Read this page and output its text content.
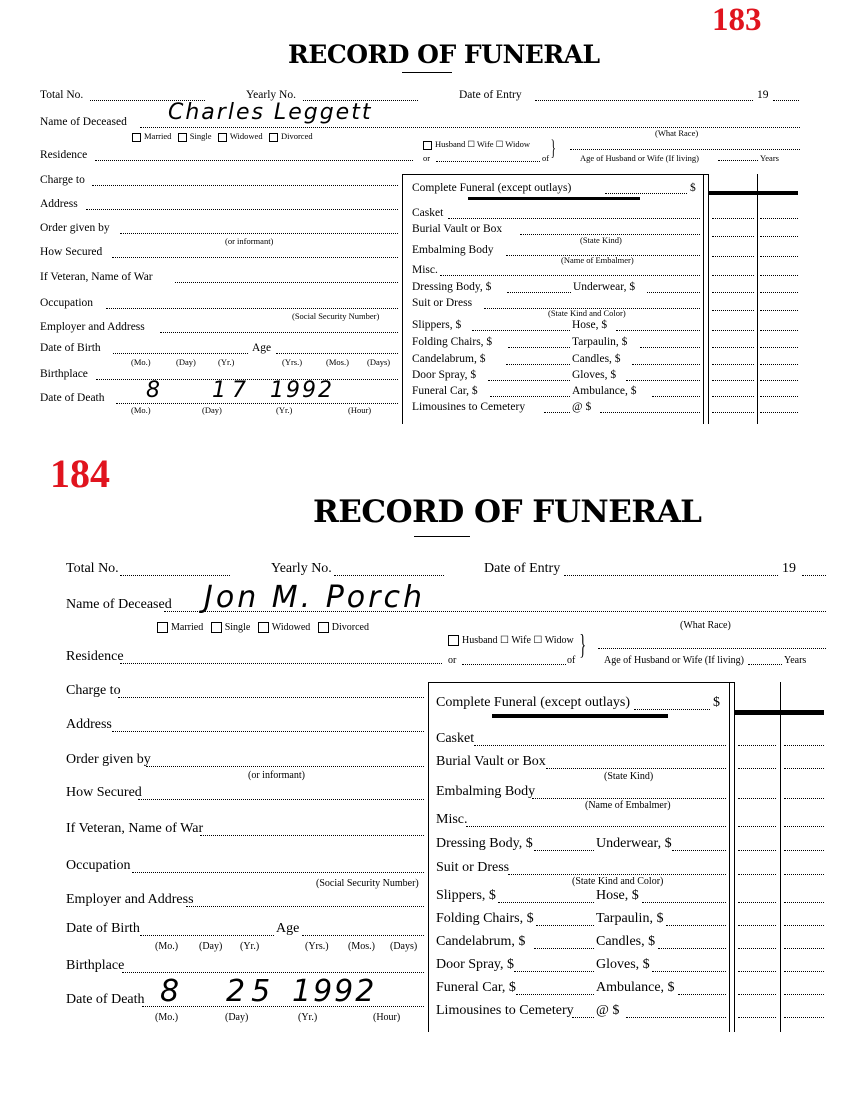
183
RECORD OF FUNERAL
Total No.	Yearly No.	Date of Entry	19
Name of Deceased Charles Leggett
Married Single Widowed Divorced	(What Race)
Husband ☐ Wife ☐ Widow }
Residence	or	of	Age of Husband or Wife (If living)	Years
Charge to
Address
Order given by
(or informant)
How Secured
If Veteran, Name of War
Occupation
(Social Security Number)
Employer and Address
Date of Birth	Age
(Mo.)	(Day)	(Yr.)	(Yrs.)	(Mos.) (Days)
Birthplace
Date of Death 8 17 1992
(Mo.)	(Day)	(Yr.)	(Hour)
Complete Funeral (except outlays)	$
Casket
Burial Vault or Box
(State Kind)
Embalming Body
(Name of Embalmer)
Misc.
Dressing Body, $	Underwear, $
Suit or Dress
(State Kind and Color)
Slippers, $	Hose, $
Folding Chairs, $	Tarpaulin, $
Candelabrum, $	Candles, $
Door Spray, $	Gloves, $
Funeral Car, $	Ambulance, $
Limousines to Cemetery	@ $
184
RECORD OF FUNERAL
Total No.	Yearly No.	Date of Entry	19
Name of Deceased Jon M. Porch
Married Single Widowed Divorced	(What Race)
Husband ☐ Wife ☐ Widow }
Residence	or	of	Age of Husband or Wife (If living)	Years
Charge to
Address
Order given by
(or informant)
How Secured
If Veteran, Name of War
Occupation
(Social Security Number)
Employer and Address
Date of Birth	Age
(Mo.) (Day) (Yr.)	(Yrs.) (Mos.) (Days)
Birthplace
Date of Death 8 25 1992
(Mo.)	(Day)	(Yr.)	(Hour)
Complete Funeral (except outlays)	$
Casket
Burial Vault or Box
(State Kind)
Embalming Body
(Name of Embalmer)
Misc.
Dressing Body, $	Underwear, $
Suit or Dress
(State Kind and Color)
Slippers, $	Hose, $
Folding Chairs, $	Tarpaulin, $
Candelabrum, $	Candles, $
Door Spray, $	Gloves, $
Funeral Car, $	Ambulance, $
Limousines to Cemetery @ $
